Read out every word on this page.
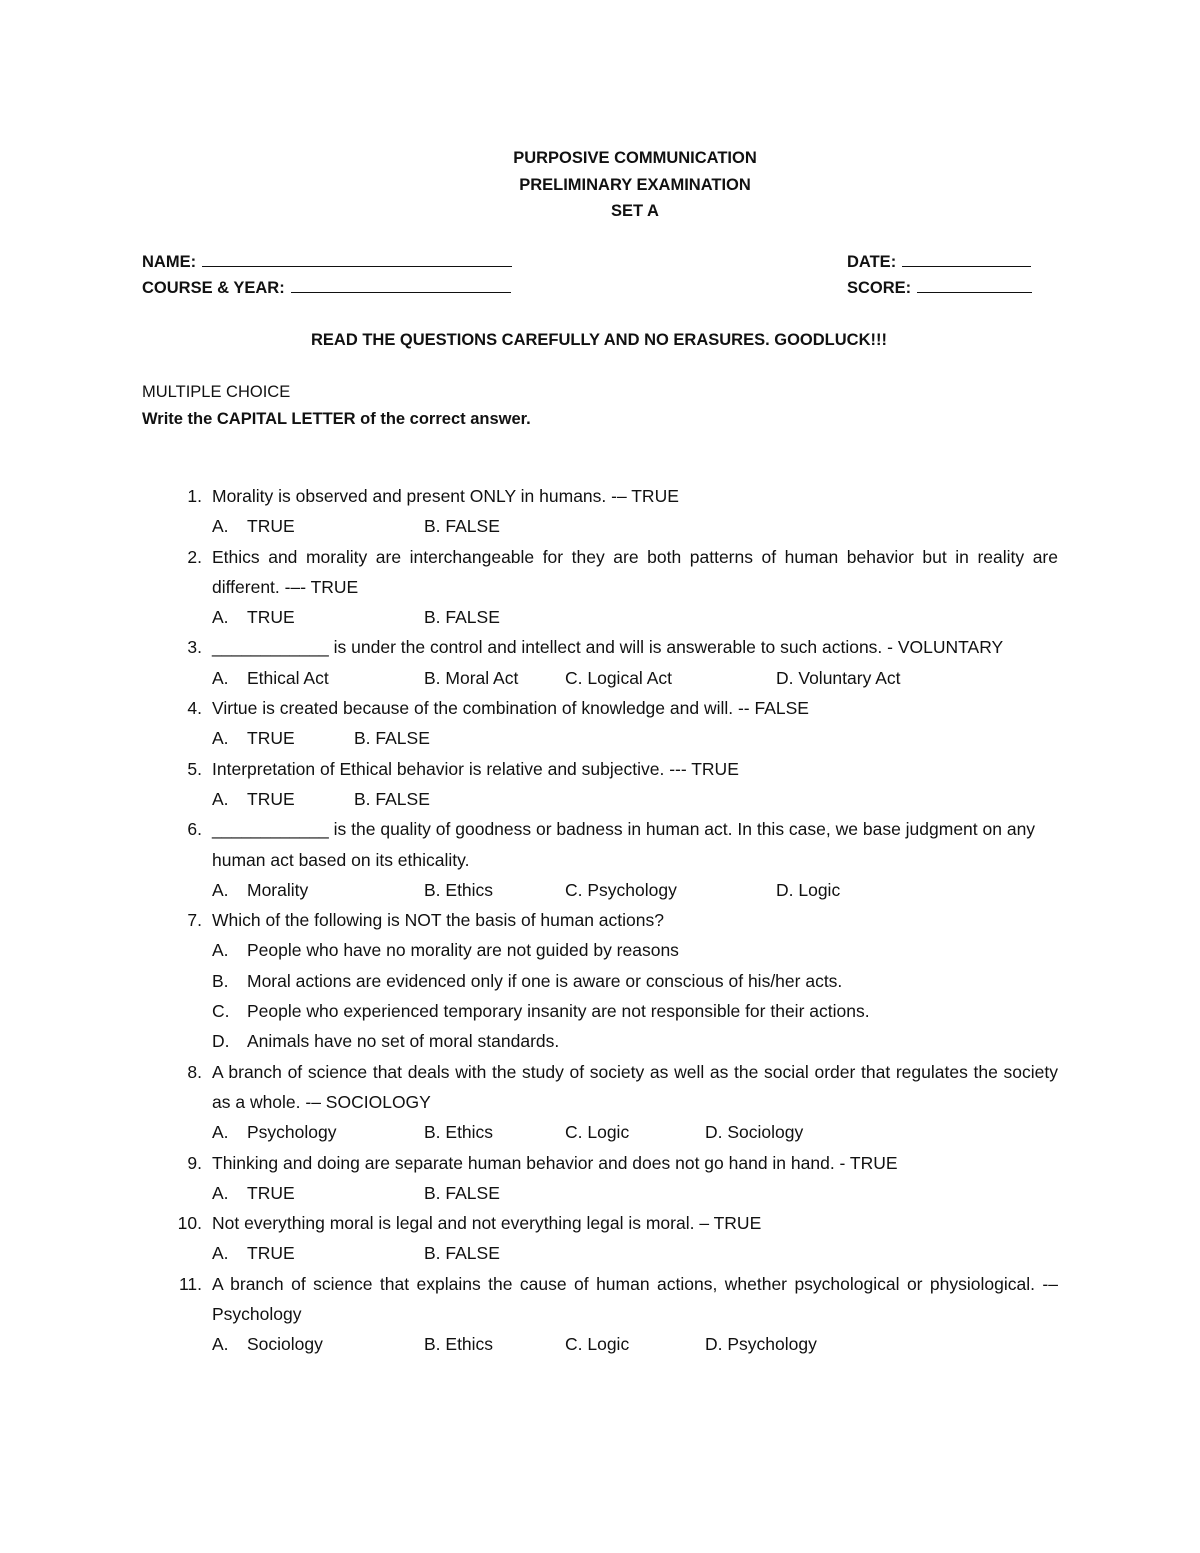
PURPOSIVE COMMUNICATION
PRELIMINARY EXAMINATION
SET A
NAME:	DATE:
COURSE & YEAR:	SCORE:
READ THE QUESTIONS CAREFULLY AND NO ERASURES. GOODLUCK!!!
MULTIPLE CHOICE
Write the CAPITAL LETTER of the correct answer.
1. Morality is observed and present ONLY in humans. -– TRUE
A. TRUE	B. FALSE
2. Ethics and morality are interchangeable for they are both patterns of human behavior but in reality are different. -–- TRUE
A. TRUE	B. FALSE
3. ____________ is under the control and intellect and will is answerable to such actions. - VOLUNTARY
A. Ethical Act	B. Moral Act	C. Logical Act	D. Voluntary Act
4. Virtue is created because of the combination of knowledge and will. -- FALSE
A. TRUE	B. FALSE
5. Interpretation of Ethical behavior is relative and subjective. --- TRUE
A. TRUE	B. FALSE
6. ____________ is the quality of goodness or badness in human act. In this case, we base judgment on any human act based on its ethicality.
A. Morality	B. Ethics	C. Psychology	D. Logic
7. Which of the following is NOT the basis of human actions?
A. People who have no morality are not guided by reasons
B. Moral actions are evidenced only if one is aware or conscious of his/her acts.
C. People who experienced temporary insanity are not responsible for their actions.
D. Animals have no set of moral standards.
8. A branch of science that deals with the study of society as well as the social order that regulates the society as a whole. -– SOCIOLOGY
A. Psychology	B. Ethics	C. Logic	D. Sociology
9. Thinking and doing are separate human behavior and does not go hand in hand. - TRUE
A. TRUE	B. FALSE
10. Not everything moral is legal and not everything legal is moral. – TRUE
A. TRUE	B. FALSE
11. A branch of science that explains the cause of human actions, whether psychological or physiological. -– Psychology
A. Sociology	B. Ethics	C. Logic	D. Psychology
